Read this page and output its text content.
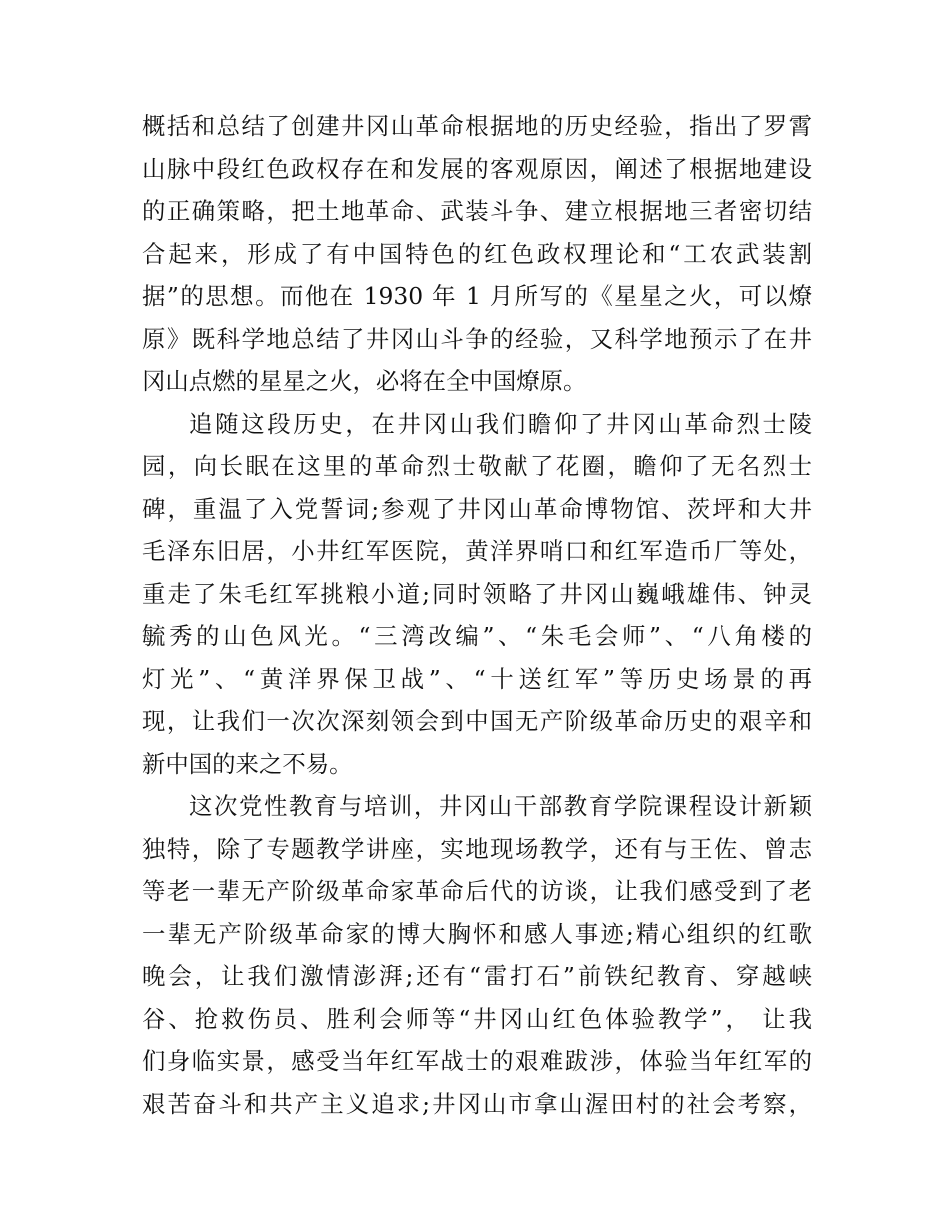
概括和总结了创建井冈山革命根据地的历史经验，指出了罗霄
山脉中段红色政权存在和发展的客观原因，阐述了根据地建设
的正确策略，把土地革命、武装斗争、建立根据地三者密切结
合起来，形成了有中国特色的红色政权理论和“工农武装割
据”的思想。而他在 1930 年 1 月所写的《星星之火，可以燎
原》既科学地总结了井冈山斗争的经验，又科学地预示了在井
冈山点燃的星星之火，必将在全中国燎原。
追随这段历史，在井冈山我们瞻仰了井冈山革命烈士陵
园，向长眠在这里的革命烈士敬献了花圈，瞻仰了无名烈士
碑，重温了入党誓词;参观了井冈山革命博物馆、茨坪和大井
毛泽东旧居，小井红军医院，黄洋界哨口和红军造币厂等处，
重走了朱毛红军挑粮小道;同时领略了井冈山巍峨雄伟、钟灵
毓秀的山色风光。“三湾改编”、“朱毛会师”、“八角楼的
灯光”、“黄洋界保卫战”、“十送红军”等历史场景的再
现，让我们一次次深刻领会到中国无产阶级革命历史的艰辛和
新中国的来之不易。
这次党性教育与培训，井冈山干部教育学院课程设计新颖
独特，除了专题教学讲座，实地现场教学，还有与王佐、曾志
等老一辈无产阶级革命家革命后代的访谈，让我们感受到了老
一辈无产阶级革命家的博大胸怀和感人事迹;精心组织的红歌
晚会，让我们激情澎湃;还有“雷打石”前铁纪教育、穿越峡
谷、抢救伤员、胜利会师等“井冈山红色体验教学”， 让我
们身临实景，感受当年红军战士的艰难跋涉，体验当年红军的
艰苦奋斗和共产主义追求;井冈山市拿山渥田村的社会考察，
